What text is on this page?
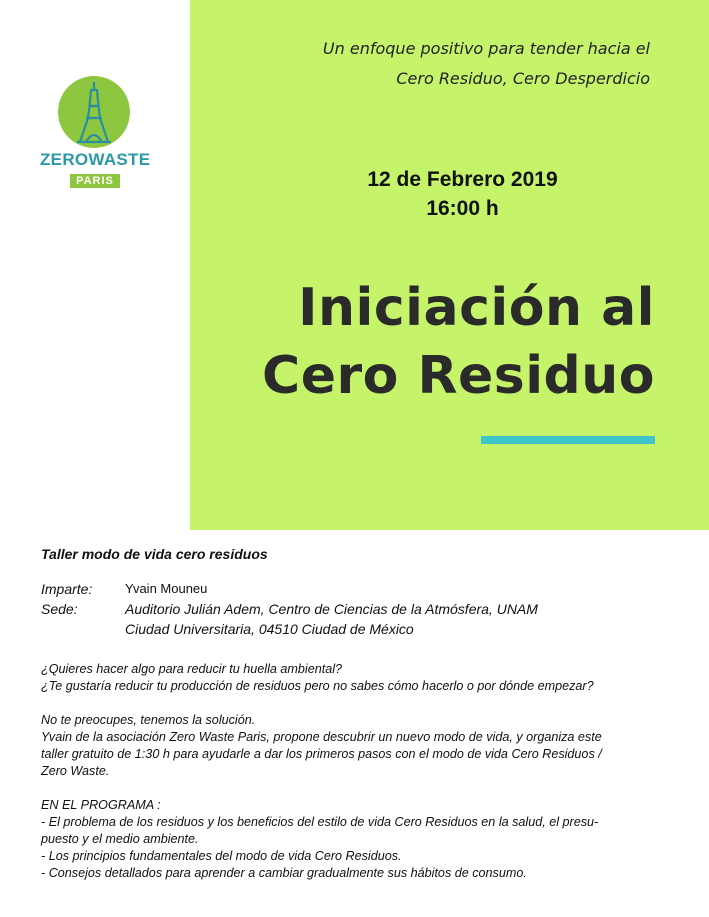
Un enfoque positivo para tender hacia el
Cero Residuo, Cero Desperdicio
12 de Febrero 2019
16:00 h
Iniciación al
Cero Residuo
ZEROWASTE
PARIS
Taller modo de vida cero residuos
Imparte:	Yvain Mouneu
Sede:	Auditorio Julián Adem, Centro de Ciencias de la Atmósfera, UNAM
Ciudad Universitaria, 04510 Ciudad de México
¿Quieres hacer algo para reducir tu huella ambiental?
¿Te gustaría reducir tu producción de residuos pero no sabes cómo hacerlo o por dónde empezar?
No te preocupes, tenemos la solución.
Yvain de la asociación Zero Waste Paris, propone descubrir un nuevo modo de vida, y organiza este
taller gratuito de 1:30 h para ayudarle a dar los primeros pasos con el modo de vida Cero Residuos /
Zero Waste.
EN EL PROGRAMA :
- El problema de los residuos y los beneficios del estilo de vida Cero Residuos en la salud, el presu-
puesto y el medio ambiente.
- Los principios fundamentales del modo de vida Cero Residuos.
- Consejos detallados para aprender a cambiar gradualmente sus hábitos de consumo.
